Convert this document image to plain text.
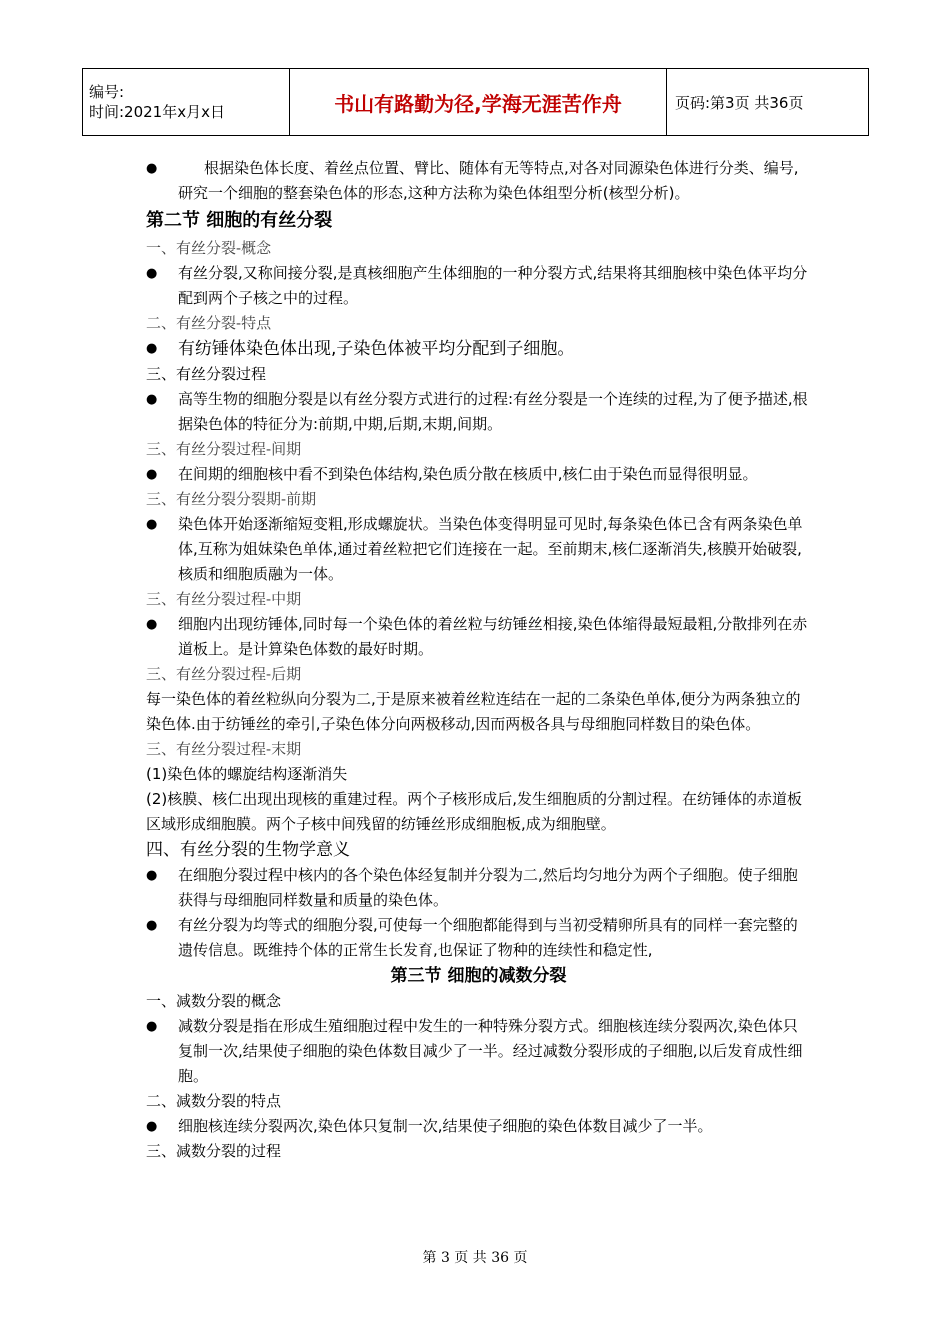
编号:
时间:2021年x月x日	书山有路勤为径,学海无涯苦作舟	页码:第3页 共36页

● 根据染色体长度、着丝点位置、臂比、随体有无等特点,对各对同源染色体进行分类、编号,研究一个细胞的整套染色体的形态,这种方法称为染色体组型分析(核型分析)。

第二节 细胞的有丝分裂

一、有丝分裂-概念

● 有丝分裂,又称间接分裂,是真核细胞产生体细胞的一种分裂方式,结果将其细胞核中染色体平均分配到两个子核之中的过程。

二、有丝分裂-特点

● 有纺锤体染色体出现,子染色体被平均分配到子细胞。

三、有丝分裂过程

● 高等生物的细胞分裂是以有丝分裂方式进行的过程:有丝分裂是一个连续的过程,为了便予描述,根据染色体的特征分为:前期,中期,后期,末期,间期。

三、有丝分裂过程-间期

● 在间期的细胞核中看不到染色体结构,染色质分散在核质中,核仁由于染色而显得很明显。

三、有丝分裂分裂期-前期

● 染色体开始逐渐缩短变粗,形成螺旋状。当染色体变得明显可见时,每条染色体已含有两条染色单体,互称为姐妹染色单体,通过着丝粒把它们连接在一起。至前期末,核仁逐渐消失,核膜开始破裂,核质和细胞质融为一体。

三、有丝分裂过程-中期

● 细胞内出现纺锤体,同时每一个染色体的着丝粒与纺锤丝相接,染色体缩得最短最粗,分散排列在赤道板上。是计算染色体数的最好时期。

三、有丝分裂过程-后期

每一染色体的着丝粒纵向分裂为二,于是原来被着丝粒连结在一起的二条染色单体,便分为两条独立的染色体.由于纺锤丝的牵引,子染色体分向两极移动,因而两极各具与母细胞同样数目的染色体。

三、有丝分裂过程-末期

(1)染色体的螺旋结构逐渐消失

(2)核膜、核仁出现出现核的重建过程。两个子核形成后,发生细胞质的分割过程。在纺锤体的赤道板区域形成细胞膜。两个子核中间残留的纺锤丝形成细胞板,成为细胞壁。

四、有丝分裂的生物学意义

● 在细胞分裂过程中核内的各个染色体经复制并分裂为二,然后均匀地分为两个子细胞。使子细胞获得与母细胞同样数量和质量的染色体。

● 有丝分裂为均等式的细胞分裂,可使每一个细胞都能得到与当初受精卵所具有的同样一套完整的遗传信息。既维持个体的正常生长发育,也保证了物种的连续性和稳定性,

第三节 细胞的减数分裂

一、减数分裂的概念

● 减数分裂是指在形成生殖细胞过程中发生的一种特殊分裂方式。细胞核连续分裂两次,染色体只复制一次,结果使子细胞的染色体数目减少了一半。经过减数分裂形成的子细胞,以后发育成性细胞。

二、减数分裂的特点

● 细胞核连续分裂两次,染色体只复制一次,结果使子细胞的染色体数目减少了一半。

三、减数分裂的过程

第 3 页 共 36 页
